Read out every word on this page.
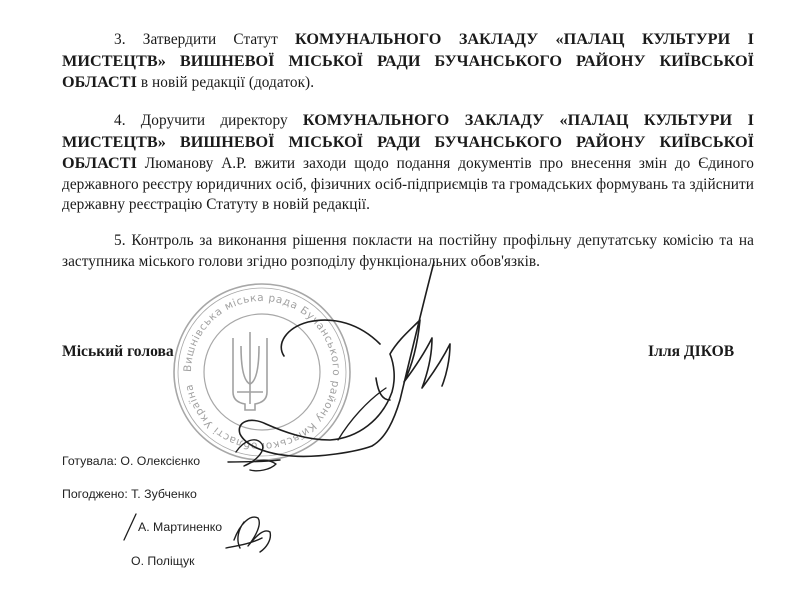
3. Затвердити Статут КОМУНАЛЬНОГО ЗАКЛАДУ «ПАЛАЦ КУЛЬТУРИ І МИСТЕЦТВ» ВИШНЕВОЇ МІСЬКОЇ РАДИ БУЧАНСЬКОГО РАЙОНУ КИЇВСЬКОЇ ОБЛАСТІ в новій редакції (додаток).
4. Доручити директору КОМУНАЛЬНОГО ЗАКЛАДУ «ПАЛАЦ КУЛЬТУРИ І МИСТЕЦТВ» ВИШНЕВОЇ МІСЬКОЇ РАДИ БУЧАНСЬКОГО РАЙОНУ КИЇВСЬКОЇ ОБЛАСТІ Люманову А.Р. вжити заходи щодо подання документів про внесення змін до Єдиного державного реєстру юридичних осіб, фізичних осіб-підприємців та громадських формувань та здійснити державну реєстрацію Статуту в новій редакції.
5. Контроль за виконання рішення покласти на постійну профільну депутатську комісію та на заступника міського голови згідно розподілу функціональних обов'язків.
Вишнівська міська рада Бучанського району Київської області Україна
Міський голова	Ілля ДІКОВ
Готувала: О. Олексієнко
Погоджено: Т. Зубченко
А. Мартиненко
О. Поліщук
